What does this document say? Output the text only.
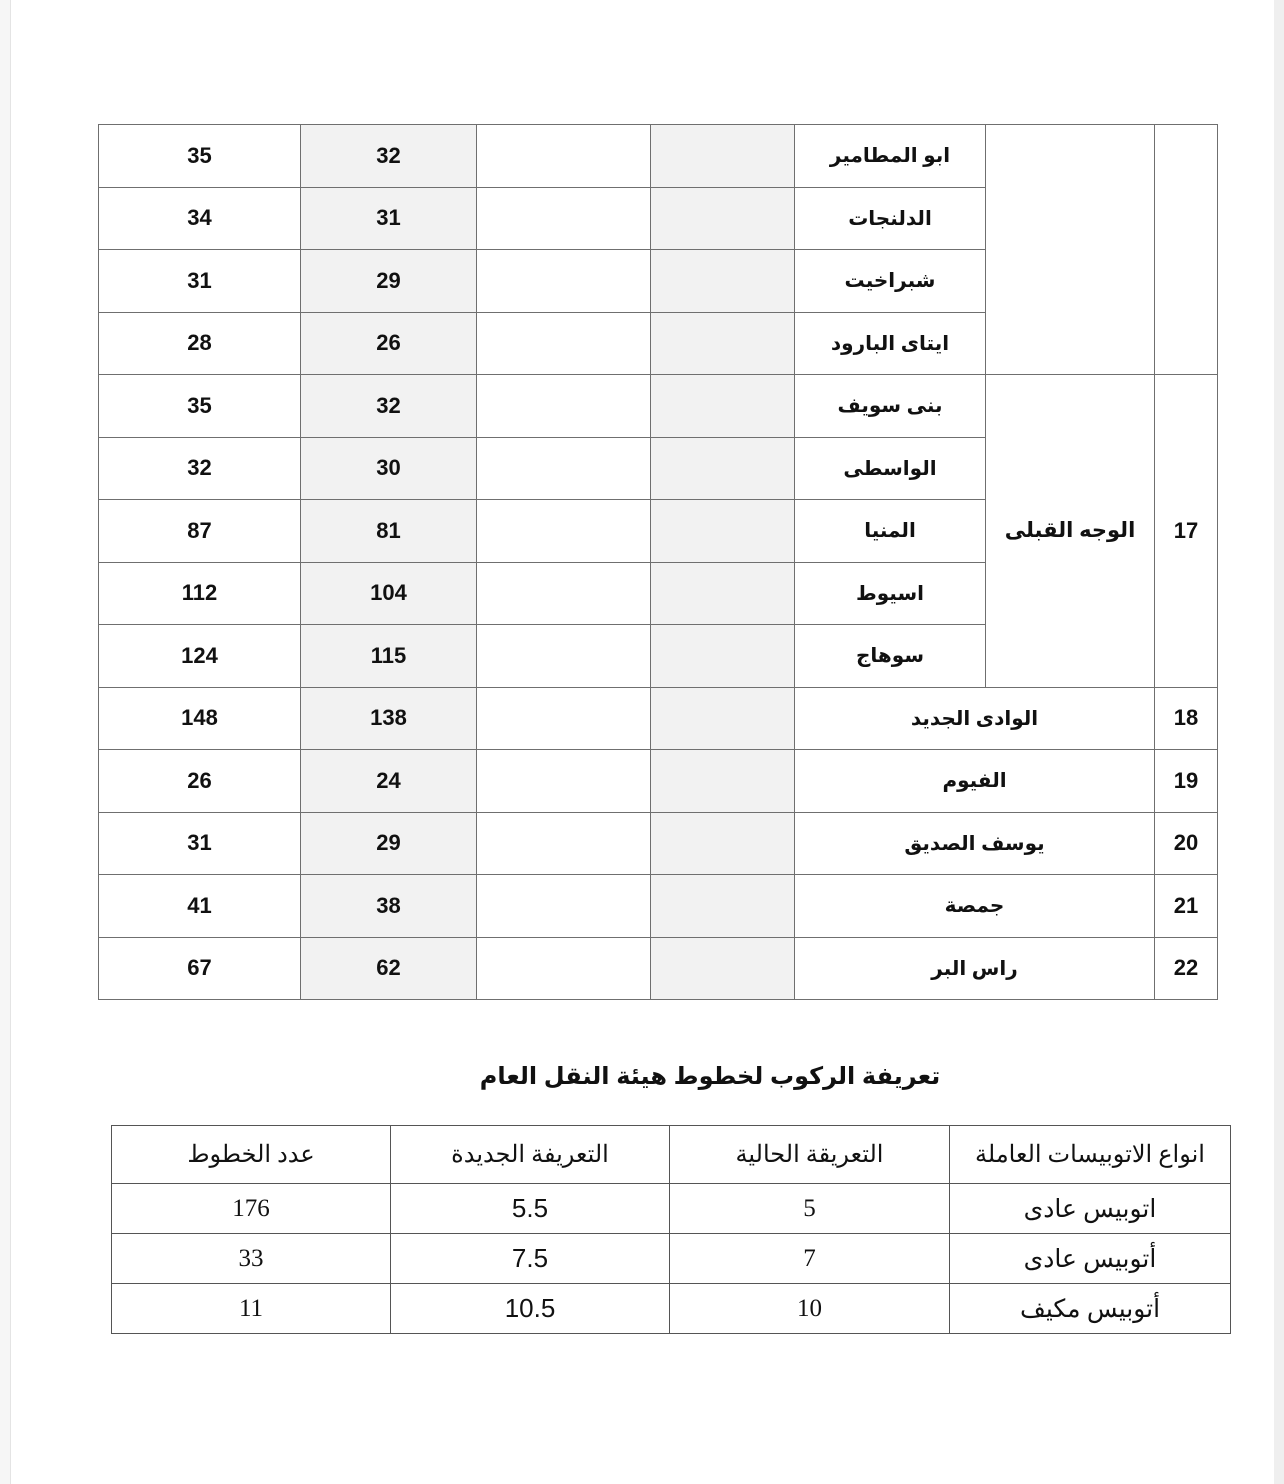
35	32			ابو المطامير		
34	31			الدلنجات		
31	29			شبراخيت		
28	26			ايتاى البارود		
35	32			بنى سويف	الوجه القبلى	17
32	30			الواسطى		
87	81			المنيا		
112	104			اسيوط		
124	115			سوهاج		
148	138			الوادى الجديد		18
26	24			الفيوم		19
31	29			يوسف الصديق		20
41	38			جمصة		21
67	62			راس البر		22
تعريفة الركوب لخطوط هيئة النقل العام
عدد الخطوط	التعريفة الجديدة	التعريقة الحالية	انواع الاتوبيسات العاملة
176	5.5	5	اتوبيس عادى
33	7.5	7	أتوبيس عادى
11	10.5	10	أتوبيس مكيف
